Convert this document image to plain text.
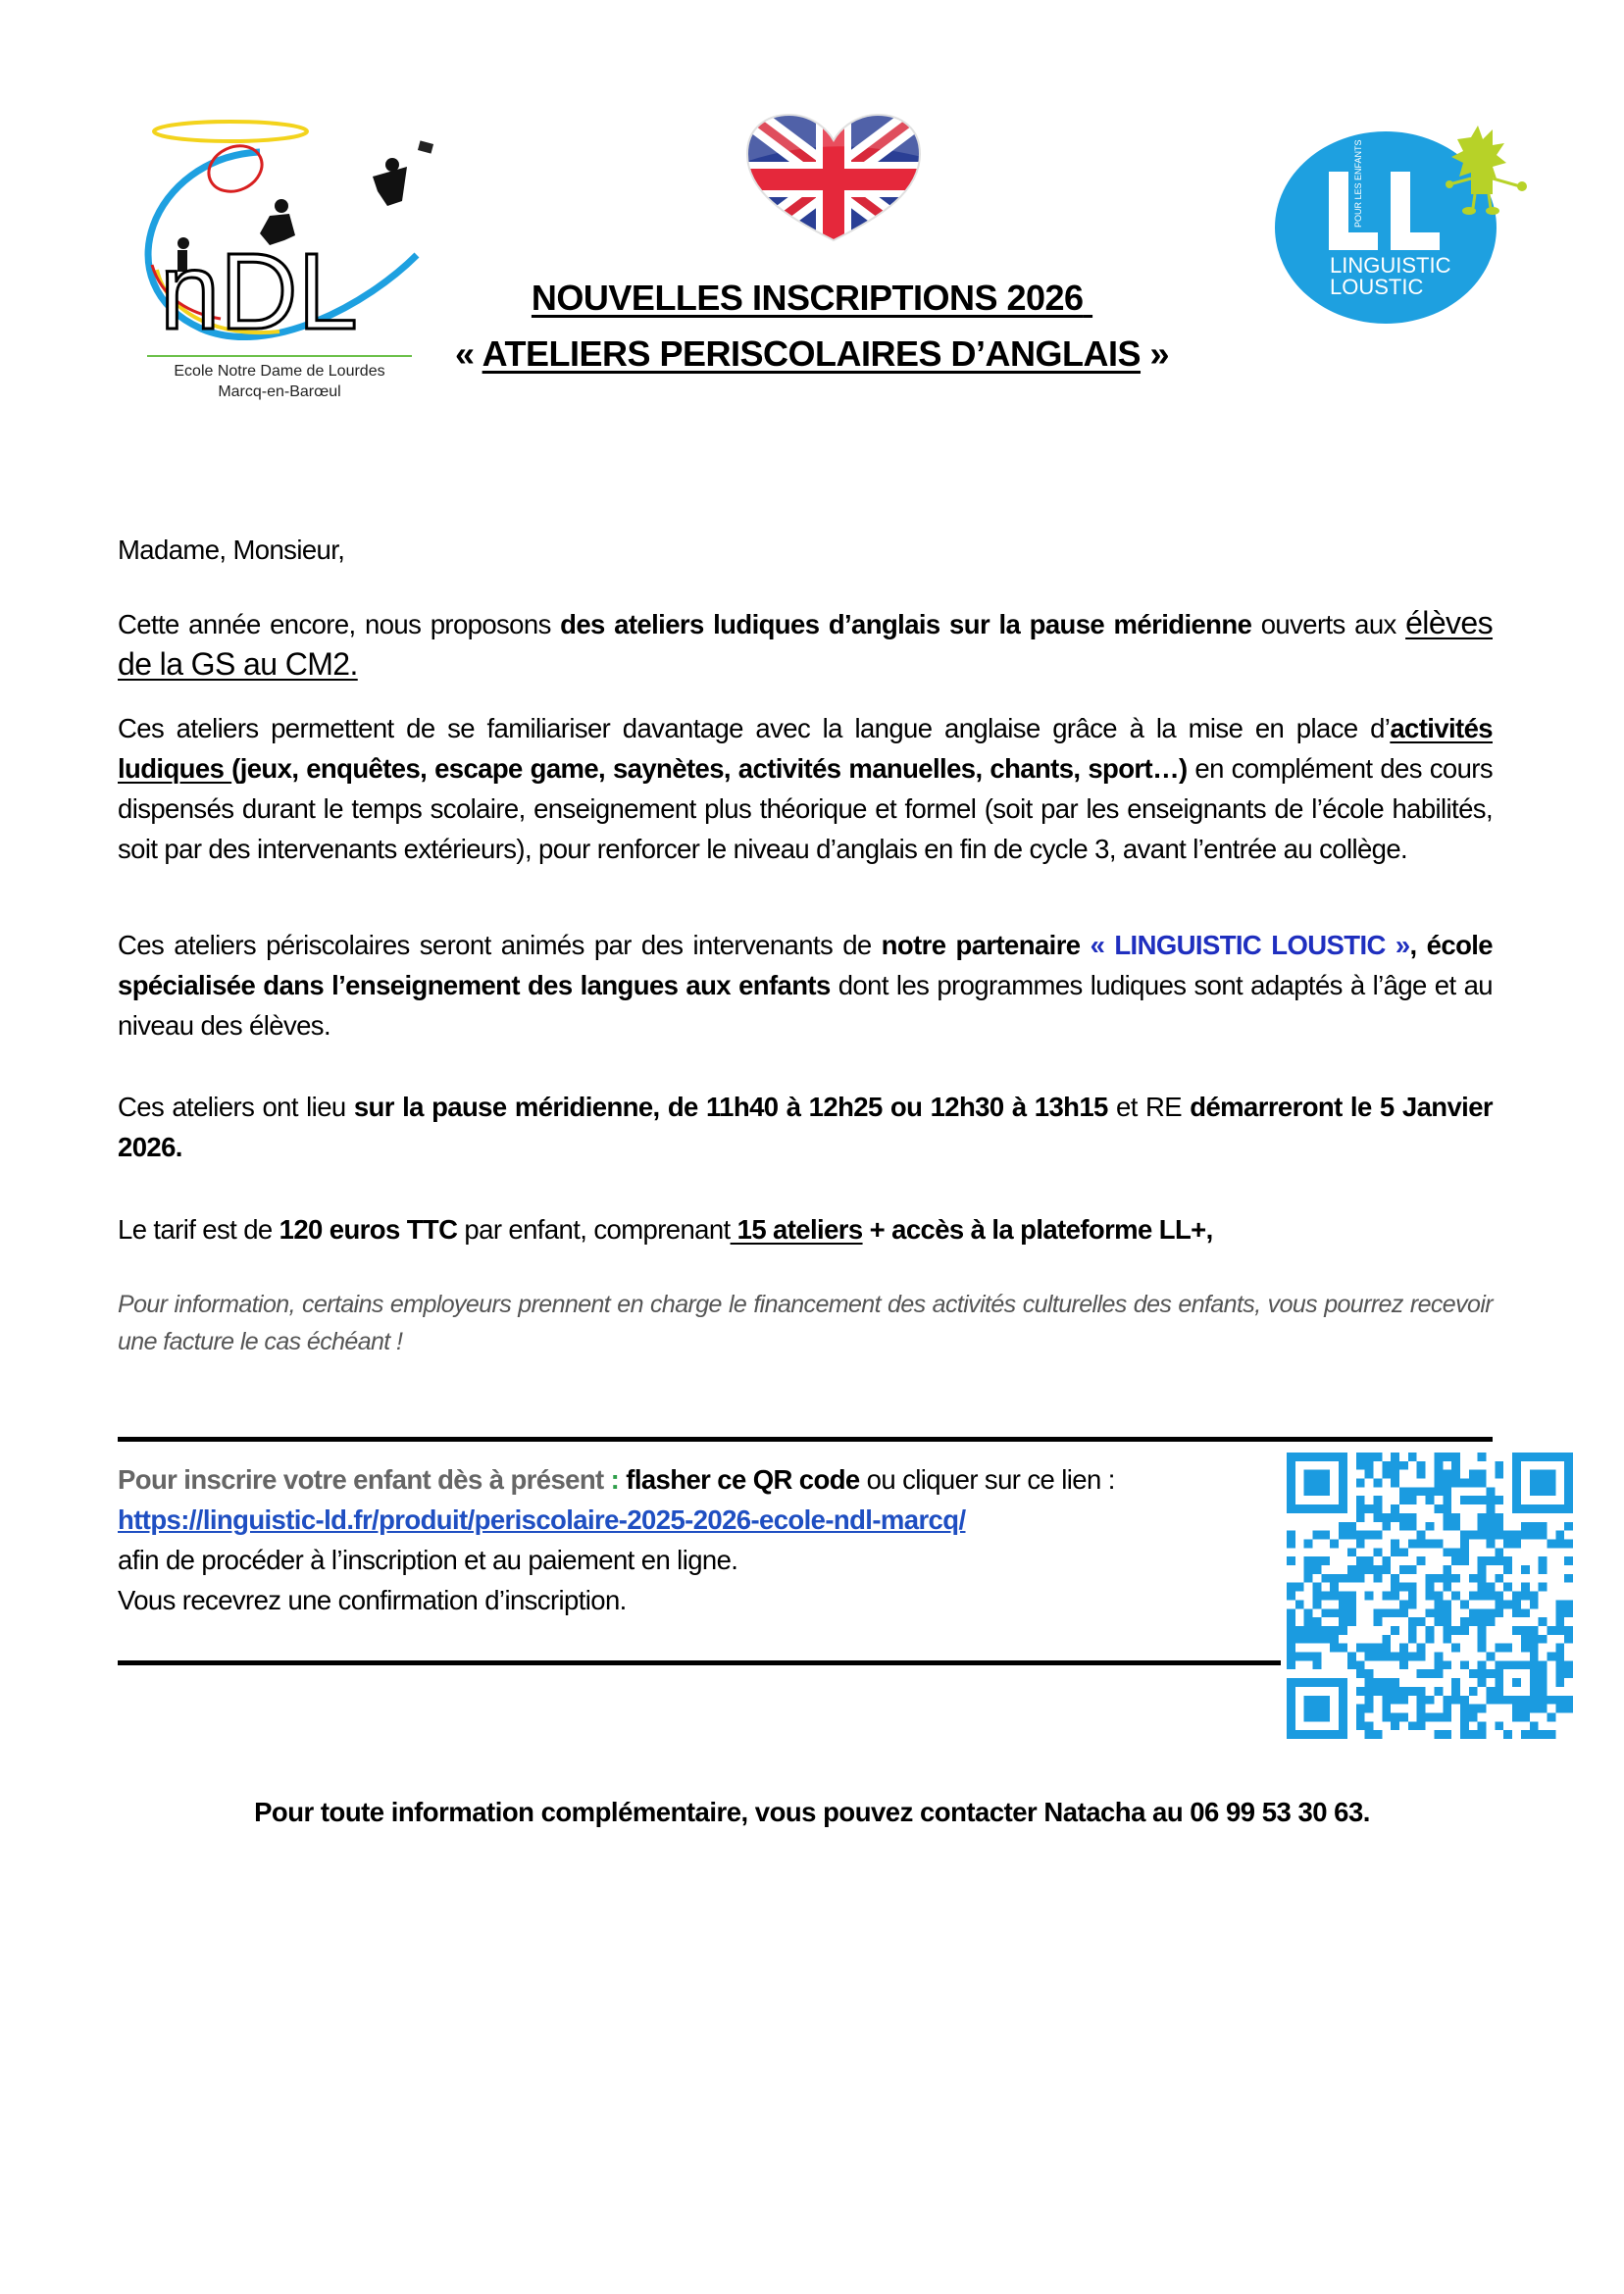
nDL
Ecole Notre Dame de Lourdes
Marcq-en-Barœul
POUR LES ENFANTS
LINGUISTIC
LOUSTIC
NOUVELLES INSCRIPTIONS 2026
« ATELIERS PERISCOLAIRES D’ANGLAIS »
Madame, Monsieur,
Cette année encore, nous proposons des ateliers ludiques d’anglais sur la pause méridienne ouverts aux élèves de la GS au CM2.
Ces ateliers permettent de se familiariser davantage avec la langue anglaise grâce à la mise en place d’activités ludiques (jeux, enquêtes, escape game, saynètes, activités manuelles, chants, sport…) en complément des cours dispensés durant le temps scolaire, enseignement plus théorique et formel (soit par les enseignants de l’école habilités, soit par des intervenants extérieurs), pour renforcer le niveau d’anglais en fin de cycle 3, avant l’entrée au collège.
Ces ateliers périscolaires seront animés par des intervenants de notre partenaire « LINGUISTIC LOUSTIC », école spécialisée dans l’enseignement des langues aux enfants dont les programmes ludiques sont adaptés à l’âge et au niveau des élèves.
Ces ateliers ont lieu sur la pause méridienne, de 11h40 à 12h25 ou 12h30 à 13h15 et RE démarreront le 5 Janvier 2026.
Le tarif est de 120 euros TTC par enfant, comprenant 15 ateliers + accès à la plateforme LL+,
Pour information, certains employeurs prennent en charge le financement des activités culturelles des enfants, vous pourrez recevoir une facture le cas échéant !
Pour inscrire votre enfant dès à présent : flasher ce QR code ou cliquer sur ce lien :
https://linguistic-ld.fr/produit/periscolaire-2025-2026-ecole-ndl-marcq/
afin de procéder à l’inscription et au paiement en ligne.
Vous recevrez une confirmation d’inscription.
Pour toute information complémentaire, vous pouvez contacter Natacha au 06 99 53 30 63.
